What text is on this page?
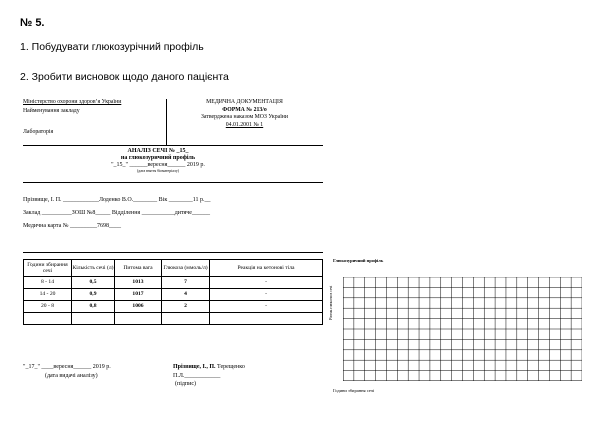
№ 5.
1. Побудувати глюкозурічний профіль
2. Зробити висновок щодо даного пацієнта
Міністерство охорони здоров’я України
Найменування закладу
Лабораторія
МЕДИЧНА ДОКУМЕНТАЦІЯ
ФОРМА № 213/о
Затверджена наказом МОЗ України
04.01.2001 № 1
АНАЛІЗ СЕЧІ № _15_
на глюкозуричний профіль
"_15_" ______вересня______ 2019 р.
(дата взяття біоматеріалу)
Прізвище, І. П. ____________Лоденко В.О.________ Вік ________11 р.__
Заклад __________ЗОШ №8_____ Відділення ___________дитяче______
Медична карта № _________7698____
Години збирання сечі	Кількість сечі (л)	Питома вага	Глюкоза (ммоль/л)	Реакція на кетонові тіла
8 - 14	0,5	1013	7	-
14 - 20	0,9	1017	4	-
20 - 8	0,8	1006	2	-

"_17_" ____вересня______ 2019 р.
(дата видачі аналізу)
Прізвище, І., П. Терещенко
П.Л.____________
(підпис)
Глюкозуричний профіль
Рівень глюкози в сечі
Години збирання сечі
